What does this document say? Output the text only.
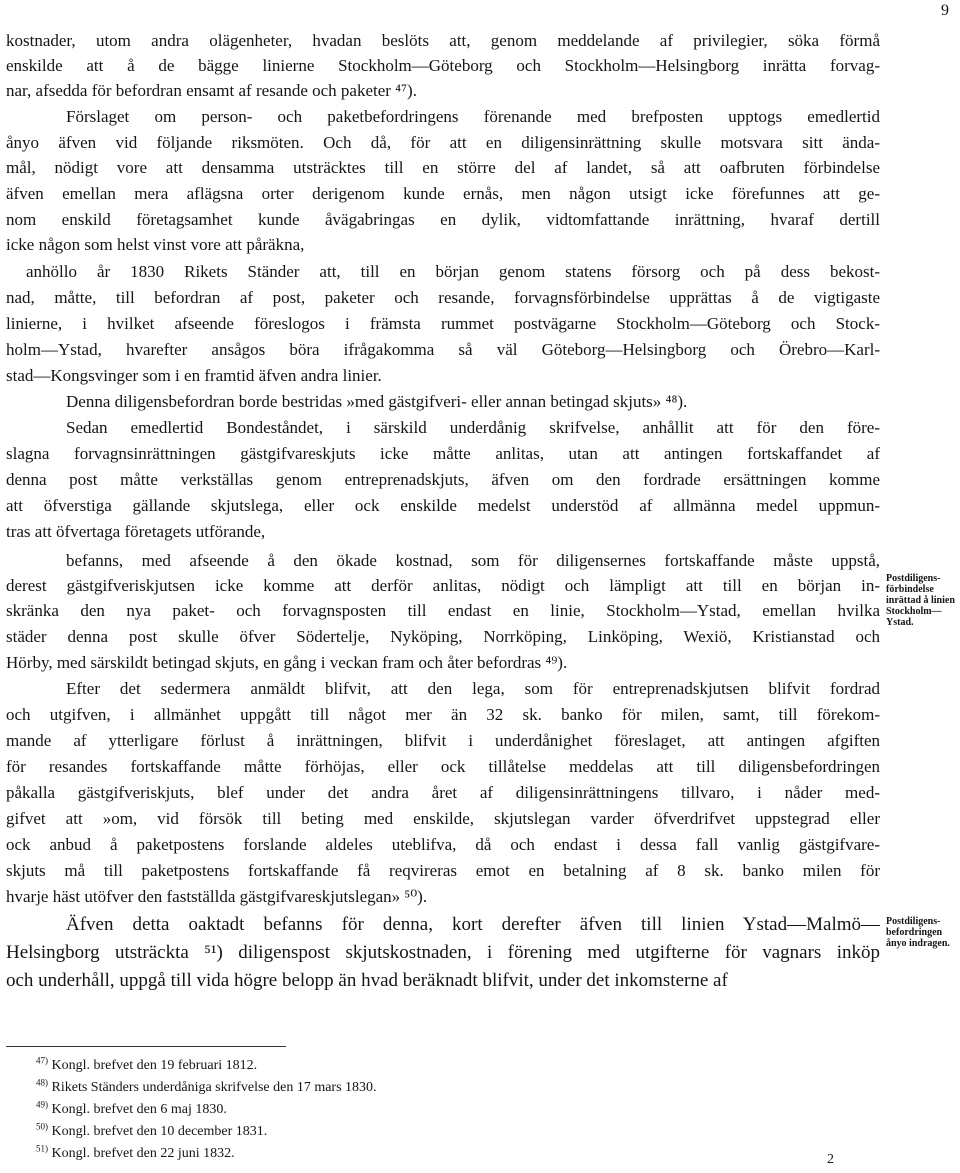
9
kostnader, utom andra olägenheter, hvadan beslöts att, genom meddelande af privilegier, söka förmå
enskilde att å de bägge linierne Stockholm—Göteborg och Stockholm—Helsingborg inrätta forvag-
nar, afsedda för befordran ensamt af resande och paketer ⁴⁷).
Förslaget om person- och paketbefordringens förenande med brefposten upptogs emedlertid
ånyo äfven vid följande riksmöten. Och då, för att en diligensinrättning skulle motsvara sitt ända-
mål, nödigt vore att densamma utsträcktes till en större del af landet, så att oafbruten förbindelse
äfven emellan mera aflägsna orter derigenom kunde ernås, men någon utsigt icke förefunnes att ge-
nom enskild företagsamhet kunde åvägabringas en dylik, vidtomfattande inrättning, hvaraf dertill
icke någon som helst vinst vore att påräkna,
anhöllo år 1830 Rikets Ständer att, till en början genom statens försorg och på dess bekost-
nad, måtte, till befordran af post, paketer och resande, forvagnsförbindelse upprättas å de vigtigaste
linierne, i hvilket afseende föreslogos i främsta rummet postvägarne Stockholm—Göteborg och Stock-
holm—Ystad, hvarefter ansågos böra ifrågakomma så väl Göteborg—Helsingborg och Örebro—Karl-
stad—Kongsvinger som i en framtid äfven andra linier.
Denna diligensbefordran borde bestridas »med gästgifveri- eller annan betingad skjuts» ⁴⁸).
Sedan emedlertid Bondeståndet, i särskild underdånig skrifvelse, anhållit att för den före-
slagna forvagnsinrättningen gästgifvareskjuts icke måtte anlitas, utan att antingen fortskaffandet af
denna post måtte verkställas genom entreprenadskjuts, äfven om den fordrade ersättningen komme
att öfverstiga gällande skjutslega, eller ock enskilde medelst understöd af allmänna medel uppmun-
tras att öfvertaga företagets utförande,
befanns, med afseende å den ökade kostnad, som för diligensernes fortskaffande måste uppstå,
derest gästgifveriskjutsen icke komme att derför anlitas, nödigt och lämpligt att till en början in-
skränka den nya paket- och forvagnsposten till endast en linie, Stockholm—Ystad, emellan hvilka
städer denna post skulle öfver Södertelje, Nyköping, Norrköping, Linköping, Wexiö, Kristianstad och
Hörby, med särskildt betingad skjuts, en gång i veckan fram och åter befordras ⁴⁹).
Efter det sedermera anmäldt blifvit, att den lega, som för entreprenadskjutsen blifvit fordrad
och utgifven, i allmänhet uppgått till något mer än 32 sk. banko för milen, samt, till förekom-
mande af ytterligare förlust å inrättningen, blifvit i underdånighet föreslaget, att antingen afgiften
för resandes fortskaffande måtte förhöjas, eller ock tillåtelse meddelas att till diligensbefordringen
påkalla gästgifveriskjuts, blef under det andra året af diligensinrättningens tillvaro, i nåder med-
gifvet att »om, vid försök till beting med enskilde, skjutslegan varder öfverdrifvet uppstegrad eller
ock anbud å paketpostens forslande aldeles uteblifva, då och endast i dessa fall vanlig gästgifvare-
skjuts må till paketpostens fortskaffande få reqvireras emot en betalning af 8 sk. banko milen för
hvarje häst utöfver den fastställda gästgifvareskjutslegan» ⁵⁰).
Äfven detta oaktadt befanns för denna, kort derefter äfven till linien Ystad—Malmö—
Helsingborg utsträckta ⁵¹) diligenspost skjutskostnaden, i förening med utgifterne för vagnars inköp
och underhåll, uppgå till vida högre belopp än hvad beräknadt blifvit, under det inkomsterne af
Postdiligens-förbindelse inrättad å linien Stockholm—Ystad.
Postdiligens-befordringen ånyo indragen.
$^{47)}$ Kongl. brefvet den 19 februari 1812.
$^{48)}$ Rikets Ständers underdåniga skrifvelse den 17 mars 1830.
$^{49)}$ Kongl. brefvet den 6 maj 1830.
$^{50)}$ Kongl. brefvet den 10 december 1831.
$^{51)}$ Kongl. brefvet den 22 juni 1832.	2
